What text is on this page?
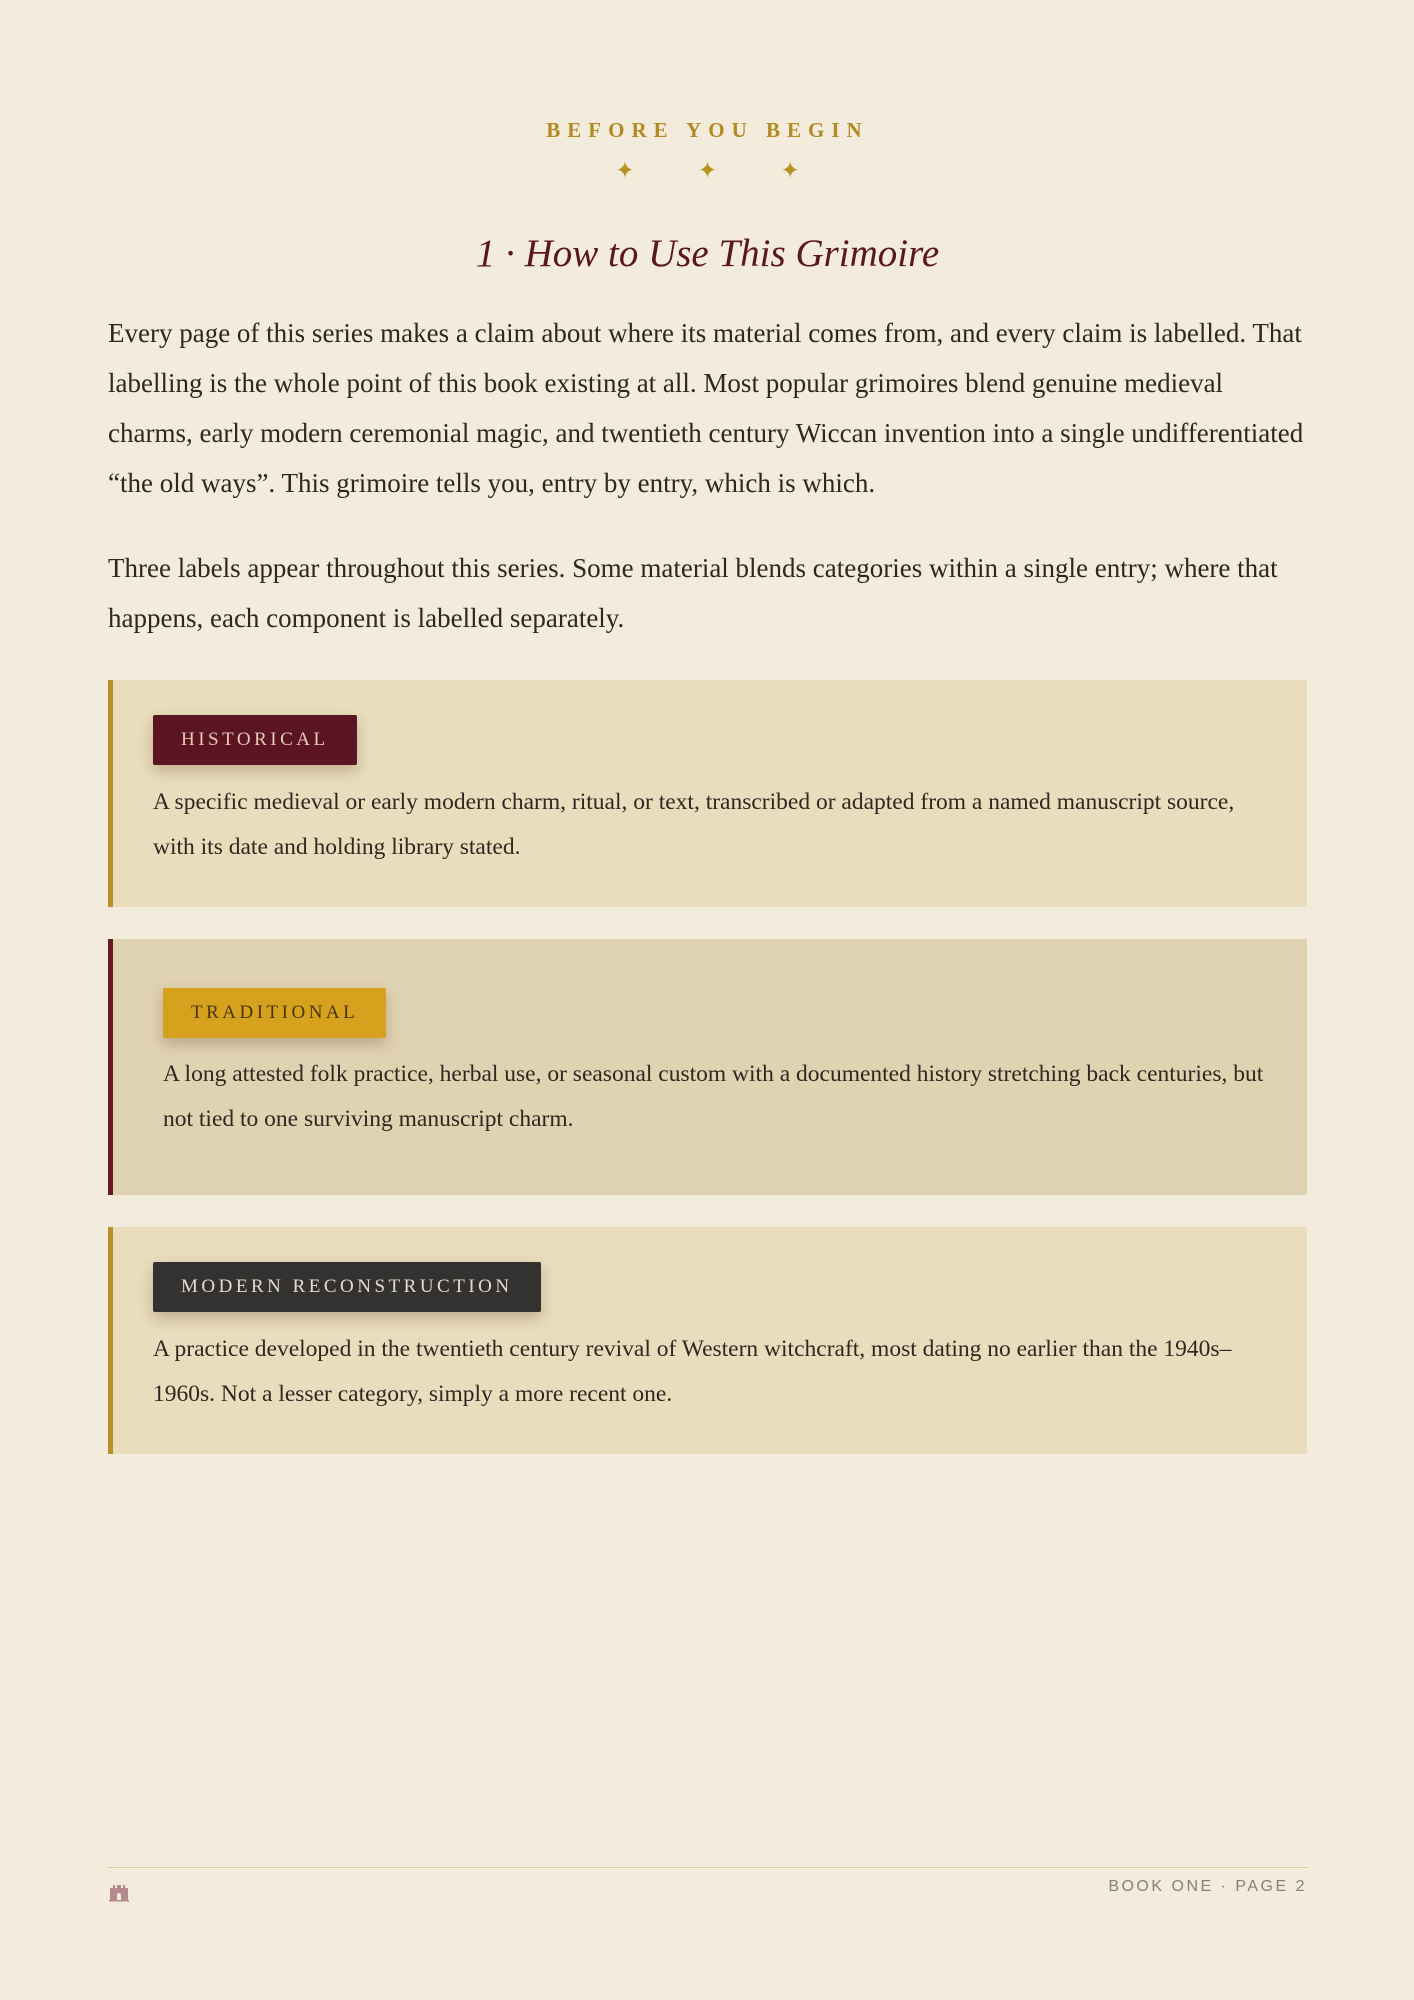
BEFORE YOU BEGIN
✦ ✦ ✦
1 · How to Use This Grimoire

Every page of this series makes a claim about where its material comes from, and every claim is labelled. That labelling is the whole point of this book existing at all. Most popular grimoires blend genuine medieval charms, early modern ceremonial magic, and twentieth century Wiccan invention into a single undifferentiated “the old ways”. This grimoire tells you, entry by entry, which is which.

Three labels appear throughout this series. Some material blends categories within a single entry; where that happens, each component is labelled separately.

HISTORICAL

A specific medieval or early modern charm, ritual, or text, transcribed or adapted from a named manuscript source, with its date and holding library stated.

TRADITIONAL

A long attested folk practice, herbal use, or seasonal custom with a documented history stretching back centuries, but not tied to one surviving manuscript charm.

MODERN RECONSTRUCTION

A practice developed in the twentieth century revival of Western witchcraft, most dating no earlier than the 1940s–1960s. Not a lesser category, simply a more recent one.

BOOK ONE · PAGE 2
